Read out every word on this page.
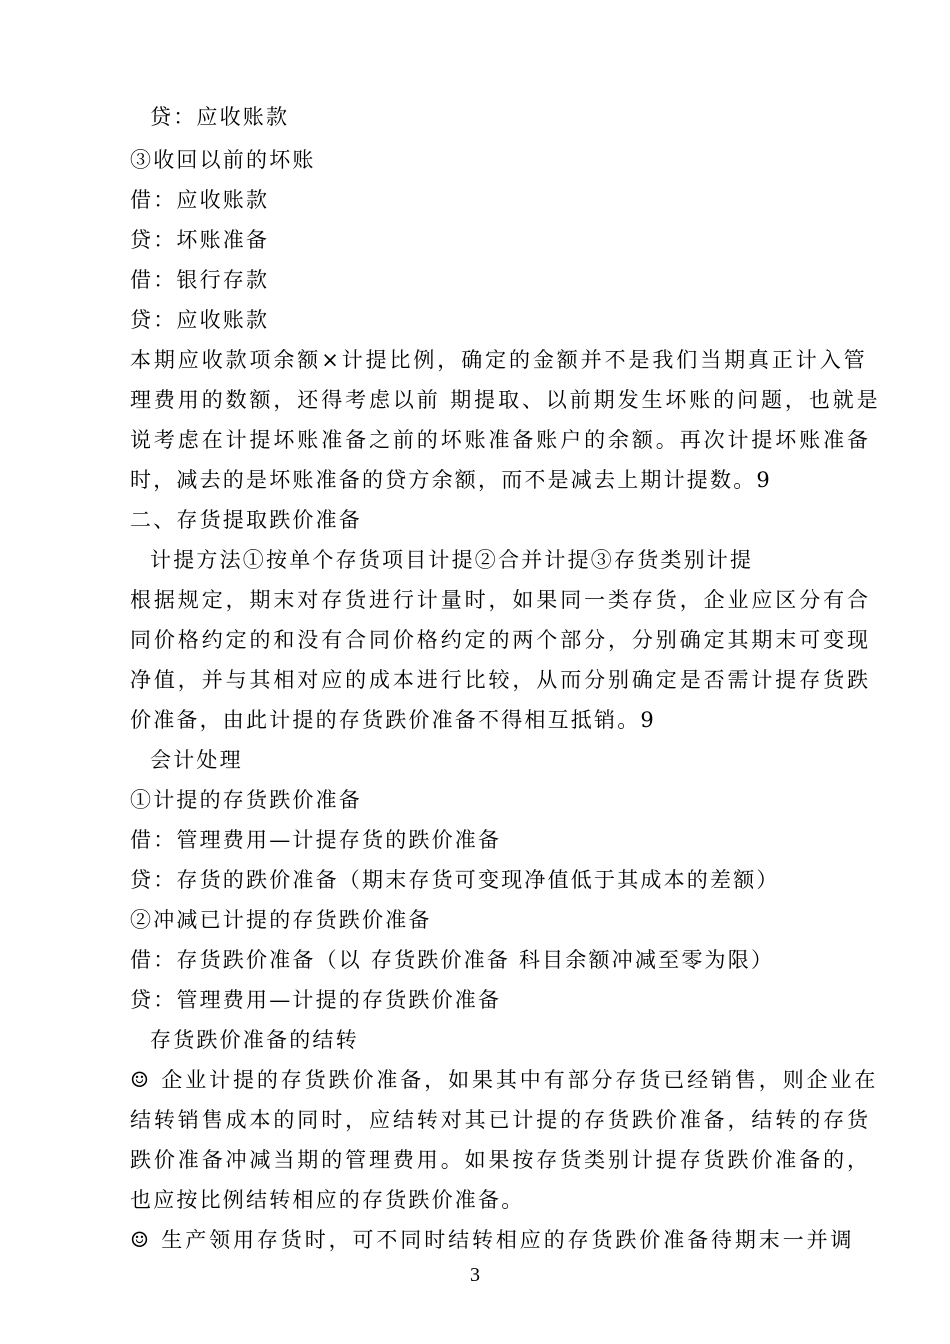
贷：应收账款
③收回以前的坏账
借：应收账款
贷：坏账准备
借：银行存款
贷：应收账款
本期应收款项余额×计提比例，确定的金额并不是我们当期真正计入管
理费用的数额，还得考虑以前 期提取、以前期发生坏账的问题，也就是
说考虑在计提坏账准备之前的坏账准备账户的余额。再次计提坏账准备
时，减去的是坏账准备的贷方余额，而不是减去上期计提数。9
二、存货提取跌价准备
计提方法①按单个存货项目计提②合并计提③存货类别计提
根据规定，期末对存货进行计量时，如果同一类存货，企业应区分有合
同价格约定的和没有合同价格约定的两个部分，分别确定其期末可变现
净值，并与其相对应的成本进行比较，从而分别确定是否需计提存货跌
价准备，由此计提的存货跌价准备不得相互抵销。9
会计处理
①计提的存货跌价准备
借：管理费用—计提存货的跌价准备
贷：存货的跌价准备（期末存货可变现净值低于其成本的差额）
②冲减已计提的存货跌价准备
借：存货跌价准备（以 存货跌价准备 科目余额冲减至零为限）
贷：管理费用—计提的存货跌价准备
存货跌价准备的结转
☺ 企业计提的存货跌价准备，如果其中有部分存货已经销售，则企业在
结转销售成本的同时，应结转对其已计提的存货跌价准备，结转的存货
跌价准备冲减当期的管理费用。如果按存货类别计提存货跌价准备的，
也应按比例结转相应的存货跌价准备。
☺ 生产领用存货时，可不同时结转相应的存货跌价准备待期末一并调
3
